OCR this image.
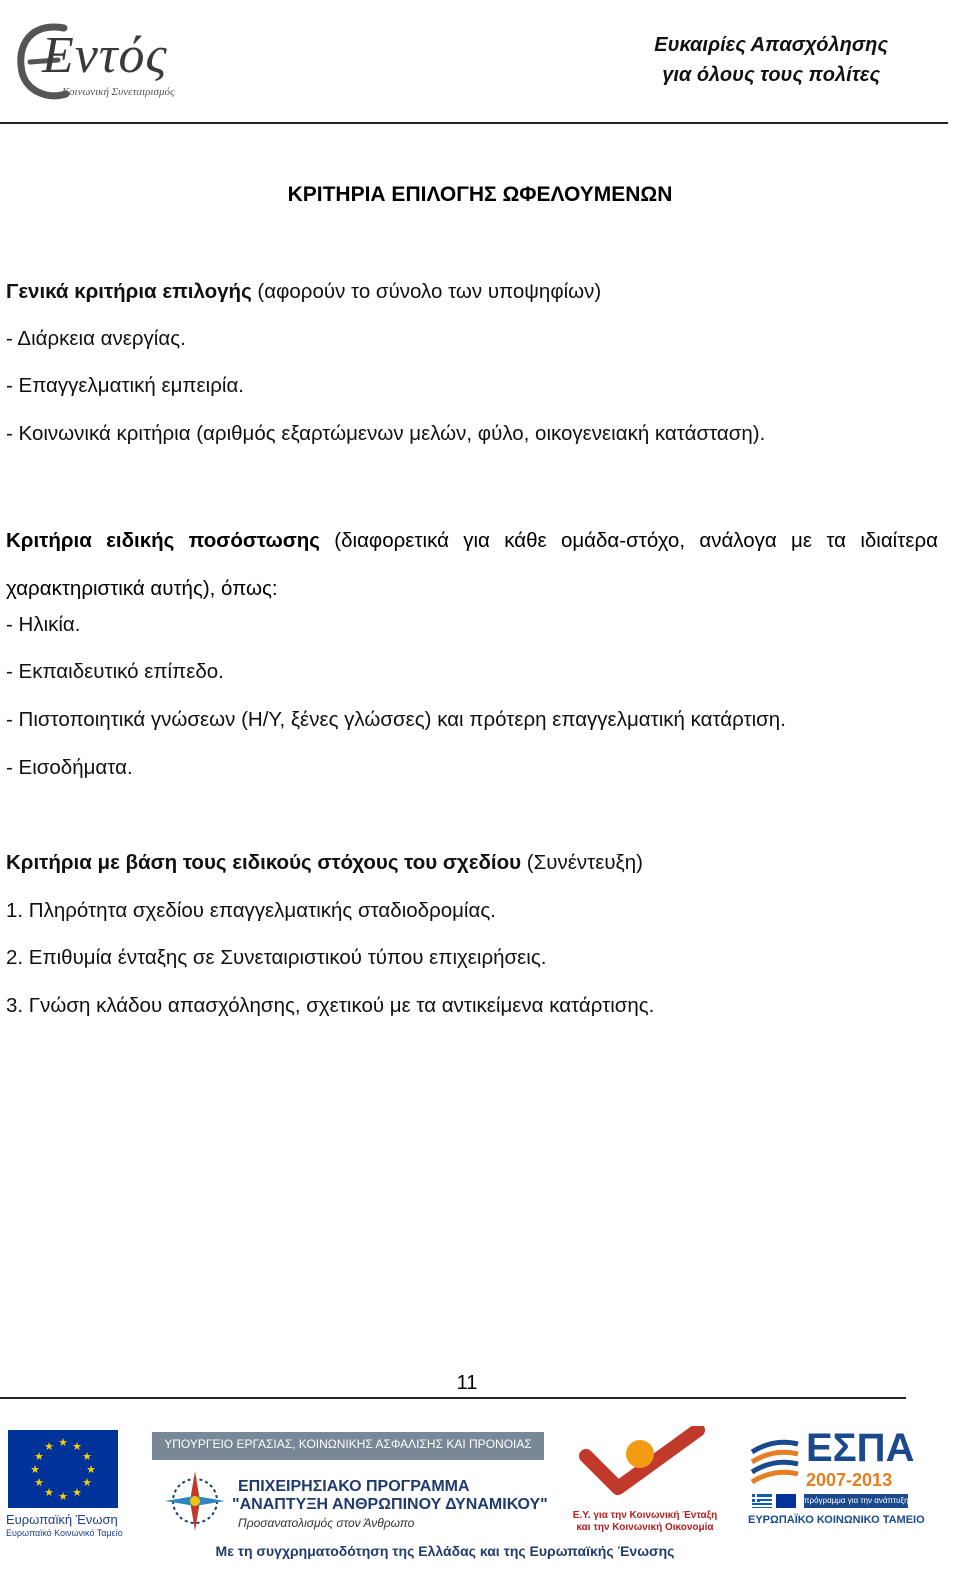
Εντός
Κοινωνική Συνεταιρισμός
Ευκαιρίες Απασχόλησης
για όλους τους πολίτες
ΚΡΙΤΗΡΙΑ ΕΠΙΛΟΓΗΣ ΩΦΕΛΟΥΜΕΝΩΝ
Γενικά κριτήρια επιλογής (αφορούν το σύνολο των υποψηφίων)
- Διάρκεια ανεργίας.
- Επαγγελματική εμπειρία.
- Κοινωνικά κριτήρια (αριθμός εξαρτώμενων μελών, φύλο, οικογενειακή κατάσταση).
Κριτήρια ειδικής ποσόστωσης (διαφορετικά για κάθε ομάδα-στόχο, ανάλογα με τα ιδιαίτερα χαρακτηριστικά αυτής), όπως:
- Ηλικία.
- Εκπαιδευτικό επίπεδο.
- Πιστοποιητικά γνώσεων (Η/Υ, ξένες γλώσσες) και πρότερη επαγγελματική κατάρτιση.
- Εισοδήματα.
Κριτήρια με βάση τους ειδικούς στόχους του σχεδίου (Συνέντευξη)
1. Πληρότητα σχεδίου επαγγελματικής σταδιοδρομίας.
2. Επιθυμία ένταξης σε Συνεταιριστικού τύπου επιχειρήσεις.
3. Γνώση κλάδου απασχόλησης, σχετικού με τα αντικείμενα κατάρτισης.
11
★ ★
★
★
★
★
★
★
★
★
★
★
Ευρωπαϊκή Ένωση
Ευρωπαϊκό Κοινωνικό Ταμείο
ΥΠΟΥΡΓΕΙΟ ΕΡΓΑΣΙΑΣ, ΚΟΙΝΩΝΙΚΗΣ ΑΣΦΑΛΙΣΗΣ ΚΑΙ ΠΡΟΝΟΙΑΣ
ΕΠΙΧΕΙΡΗΣΙΑΚΟ ΠΡΟΓΡΑΜΜΑ
"ΑΝΑΠΤΥΞΗ ΑΝΘΡΩΠΙΝΟΥ ΔΥΝΑΜΙΚΟΥ"
Προσανατολισμός στον Άνθρωπο
Ε.Υ. για την Κοινωνική Ένταξη
και την Κοινωνική Οικονομία
ΕΣΠΑ
2007-2013
πρόγραμμα για την ανάπτυξη
ΕΥΡΩΠΑΪΚΟ ΚΟΙΝΩΝΙΚΟ ΤΑΜΕΙΟ
Με τη συγχρηματοδότηση της Ελλάδας και της Ευρωπαϊκής Ένωσης
